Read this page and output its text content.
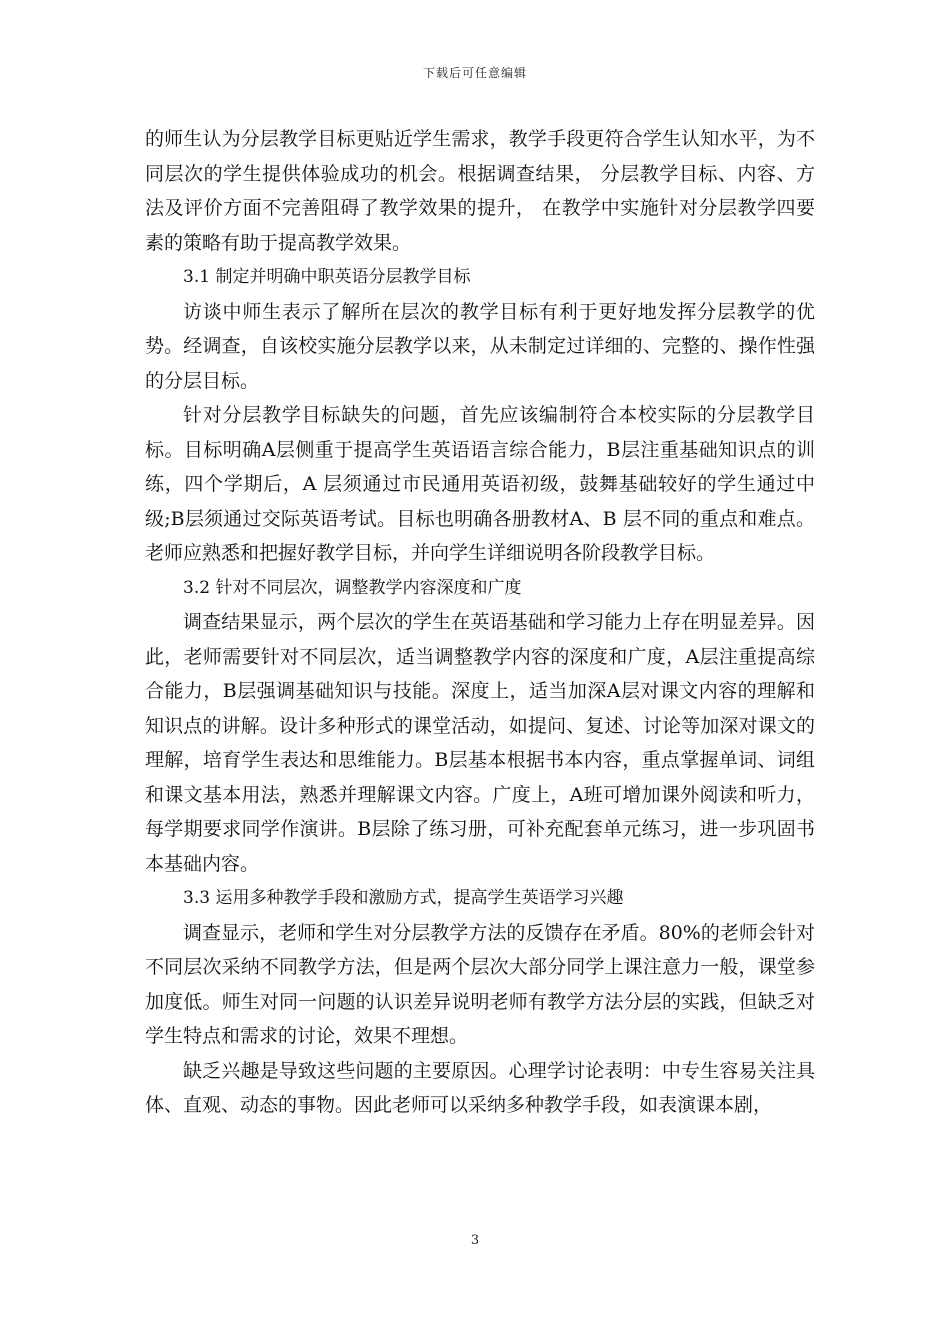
下载后可任意编辑

的师生认为分层教学目标更贴近学生需求，教学手段更符合学生认知水平，为不同层次的学生提供体验成功的机会。根据调查结果， 分层教学目标、内容、方法及评价方面不完善阻碍了教学效果的提升， 在教学中实施针对分层教学四要素的策略有助于提高教学效果。

3.1 制定并明确中职英语分层教学目标

访谈中师生表示了解所在层次的教学目标有利于更好地发挥分层教学的优势。经调查，自该校实施分层教学以来，从未制定过详细的、完整的、操作性强的分层目标。

针对分层教学目标缺失的问题，首先应该编制符合本校实际的分层教学目标。目标明确A层侧重于提高学生英语语言综合能力，B层注重基础知识点的训练，四个学期后，A 层须通过市民通用英语初级，鼓舞基础较好的学生通过中级;B层须通过交际英语考试。目标也明确各册教材A、B 层不同的重点和难点。老师应熟悉和把握好教学目标，并向学生详细说明各阶段教学目标。

3.2 针对不同层次，调整教学内容深度和广度

调查结果显示，两个层次的学生在英语基础和学习能力上存在明显差异。因此，老师需要针对不同层次，适当调整教学内容的深度和广度，A层注重提高综合能力，B层强调基础知识与技能。深度上，适当加深A层对课文内容的理解和知识点的讲解。设计多种形式的课堂活动，如提问、复述、讨论等加深对课文的理解，培育学生表达和思维能力。B层基本根据书本内容，重点掌握单词、词组和课文基本用法，熟悉并理解课文内容。广度上，A班可增加课外阅读和听力，每学期要求同学作演讲。B层除了练习册，可补充配套单元练习，进一步巩固书本基础内容。

3.3 运用多种教学手段和激励方式，提高学生英语学习兴趣

调查显示，老师和学生对分层教学方法的反馈存在矛盾。80%的老师会针对不同层次采纳不同教学方法，但是两个层次大部分同学上课注意力一般，课堂参加度低。师生对同一问题的认识差异说明老师有教学方法分层的实践，但缺乏对学生特点和需求的讨论，效果不理想。

缺乏兴趣是导致这些问题的主要原因。心理学讨论表明：中专生容易关注具体、直观、动态的事物。因此老师可以采纳多种教学手段，如表演课本剧，

3
